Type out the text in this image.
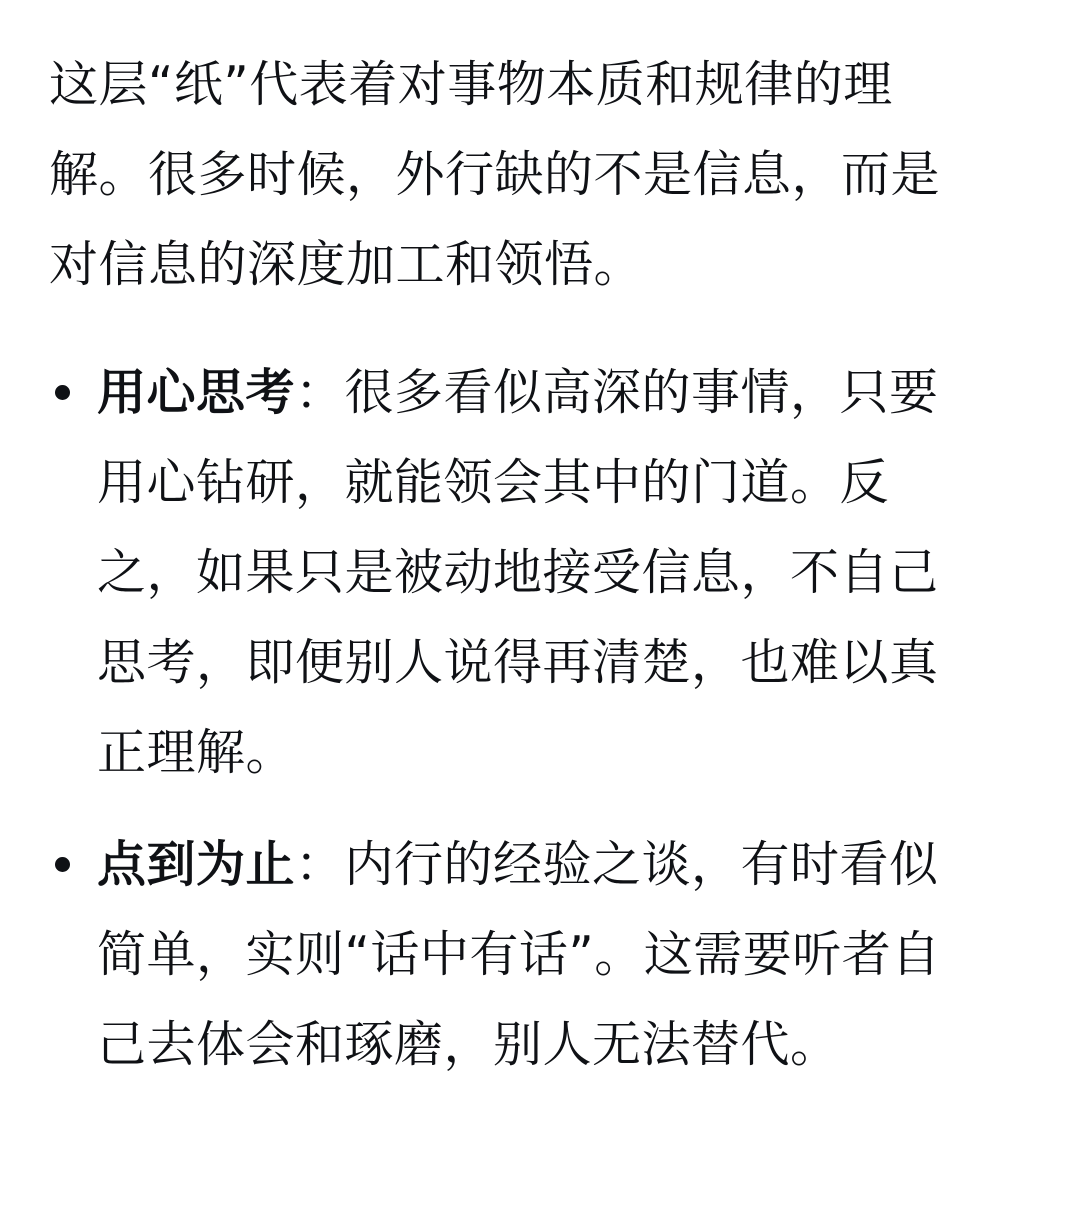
这层“纸”代表着对事物本质和规律的理解。很多时候，外行缺的不是信息，而是对信息的深度加工和领悟。

用心思考：很多看似高深的事情，只要用心钻研，就能领会其中的门道。反之，如果只是被动地接受信息，不自己思考，即便别人说得再清楚，也难以真正理解。
点到为止：内行的经验之谈，有时看似简单，实则“话中有话”。这需要听者自己去体会和琢磨，别人无法替代。
